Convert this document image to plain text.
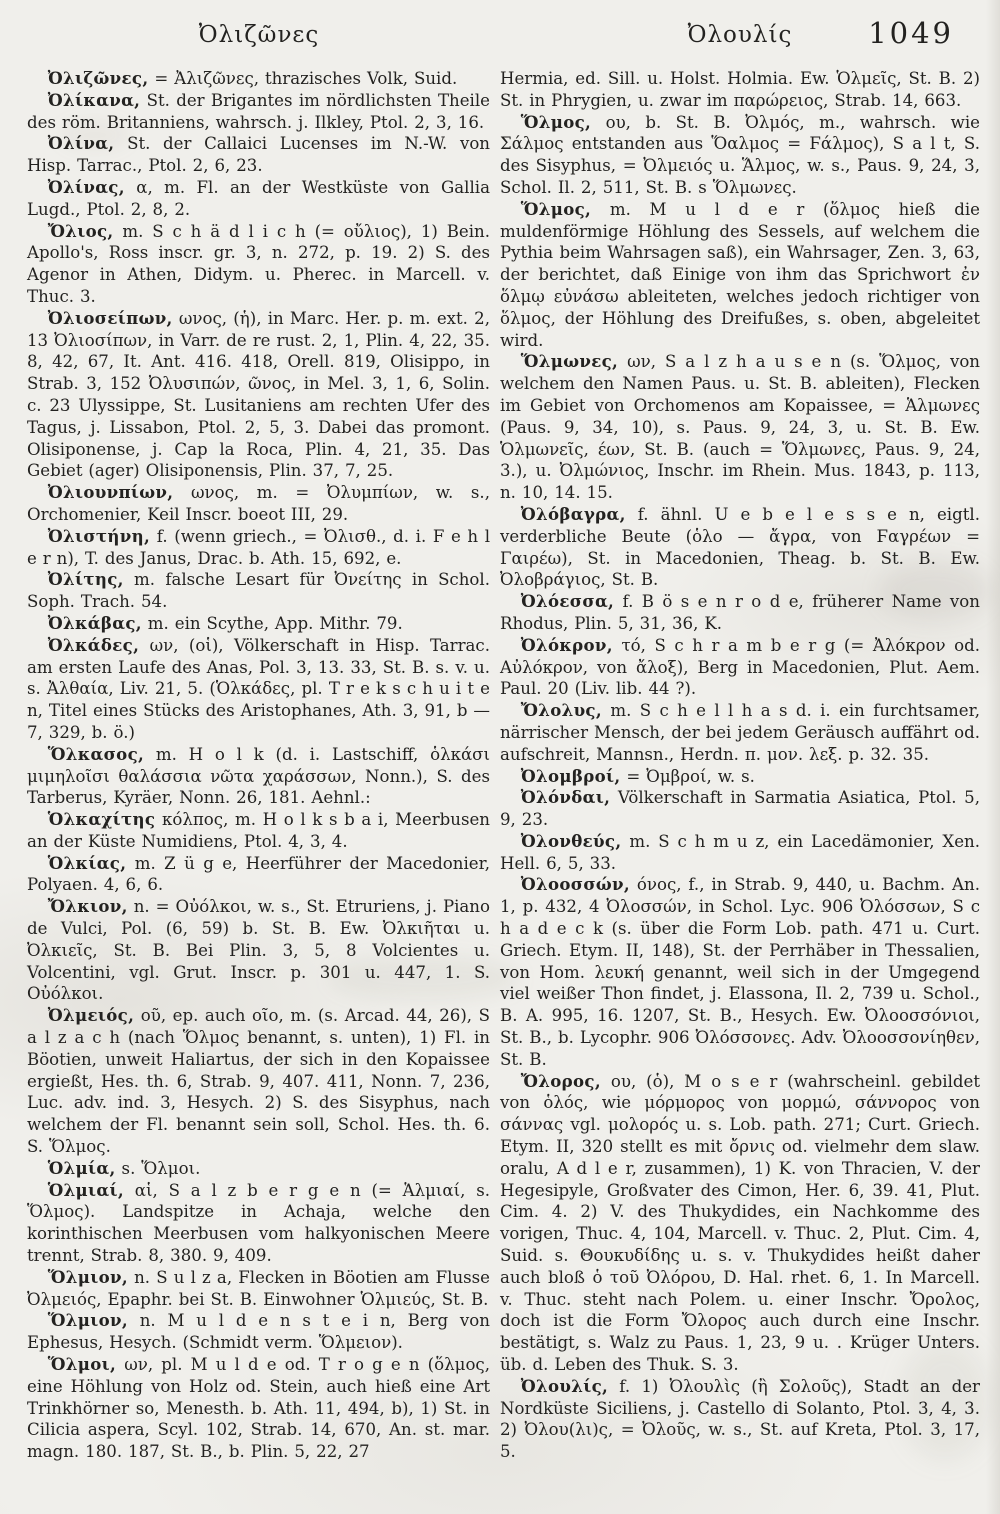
Ὀλιζῶνες	Ὀλουλίς	1049

Ὀλιζῶνες, = Ἀλιζῶνες, thrazisches Volk, Suid.

Ὀλίκανα, St. der Brigantes im nördlichsten Theile des röm. Britanniens, wahrsch. j. Ilkley, Ptol. 2, 3, 16.

Ὀλίνα, St. der Callaici Lucenses im N.-W. von Hisp. Tarrac., Ptol. 2, 6, 23.

Ὀλίνας, α, m. Fl. an der Westküste von Gallia Lugd., Ptol. 2, 8, 2.

Ὄλιος, m. S c h ä d l i c h (= οὔλιος), 1) Bein. Apollo's, Ross inscr. gr. 3, n. 272, p. 19. 2) S. des Agenor in Athen, Didym. u. Pherec. in Marcell. v. Thuc. 3.

Ὀλιοσείπων, ωνος, (ἡ), in Marc. Her. p. m. ext. 2, 13 Ὀλιοσίπων, in Varr. de re rust. 2, 1, Plin. 4, 22, 35. 8, 42, 67, It. Ant. 416. 418, Orell. 819, Olisippo, in Strab. 3, 152 Ὀλυσιπών, ῶνος, in Mel. 3, 1, 6, Solin. c. 23 Ulyssippe, St. Lusitaniens am rechten Ufer des Tagus, j. Lissabon, Ptol. 2, 5, 3. Dabei das promont. Olisiponense, j. Cap la Roca, Plin. 4, 21, 35. Das Gebiet (ager) Olisiponensis, Plin. 37, 7, 25.

Ὀλιουνπίων, ωνος, m. = Ὀλυμπίων, w. s., Orchomenier, Keil Inscr. boeot III, 29.

Ὀλιστήνη, f. (wenn griech., = Ὀλισθ., d. i. F e h l e r n), T. des Janus, Drac. b. Ath. 15, 692, e.

Ὀλίτης, m. falsche Lesart für Ὀνείτης in Schol. Soph. Trach. 54.

Ὀλκάβας, m. ein Scythe, App. Mithr. 79.

Ὀλκάδες, ων, (οἱ), Völkerschaft in Hisp. Tarrac. am ersten Laufe des Anas, Pol. 3, 13. 33, St. B. s. v. u. s. Ἀλθαία, Liv. 21, 5. (Ὁλκάδες, pl. T r e k s c h u i t e n, Titel eines Stücks des Aristophanes, Ath. 3, 91, b — 7, 329, b. ö.)

Ὅλκασος, m. H o l k (d. i. Lastschiff, ὁλκάσι μιμηλοῖσι θαλάσσια νῶτα χαράσσων, Nonn.), S. des Tarberus, Kyräer, Nonn. 26, 181. Aehnl.:

Ὁλκαχίτης κόλπος, m. H o l k s b a i, Meerbusen an der Küste Numidiens, Ptol. 4, 3, 4.

Ὁλκίας, m. Z ü g e, Heerführer der Macedonier, Polyaen. 4, 6, 6.

Ὄλκιον, n. = Οὐόλκοι, w. s., St. Etruriens, j. Piano de Vulci, Pol. (6, 59) b. St. B. Ew. Ὀλκιῆται u. Ὀλκιεῖς, St. B. Bei Plin. 3, 5, 8 Volcientes u. Volcentini, vgl. Grut. Inscr. p. 301 u. 447, 1. S. Οὐόλκοι.

Ὀλμειός, οῦ, ep. auch οῖο, m. (s. Arcad. 44, 26), S a l z a c h (nach Ὅλμος benannt, s. unten), 1) Fl. in Böotien, unweit Haliartus, der sich in den Kopaissee ergießt, Hes. th. 6, Strab. 9, 407. 411, Nonn. 7, 236, Luc. adv. ind. 3, Hesych. 2) S. des Sisyphus, nach welchem der Fl. benannt sein soll, Schol. Hes. th. 6. S. Ὅλμος.

Ὁλμία, s. Ὅλμοι.

Ὁλμιαί, αἱ, S a l z b e r g e n (= Ἁλμιαί, s. Ὅλμος). Landspitze in Achaja, welche den korinthischen Meerbusen vom halkyonischen Meere trennt, Strab. 8, 380. 9, 409.

Ὅλμιον, n. S u l z a, Flecken in Böotien am Flusse Ὀλμειός, Epaphr. bei St. B. Einwohner Ὁλμιεύς, St. B.

Ὅλμιον, n. M u l d e n s t e i n, Berg von Ephesus, Hesych. (Schmidt verm. Ὅλμειον).

Ὅλμοι, ων, pl. M u l d e od. T r o g e n (ὅλμος, eine Höhlung von Holz od. Stein, auch hieß eine Art Trinkhörner so, Menesth. b. Ath. 11, 494, b), 1) St. in Cilicia aspera, Scyl. 102, Strab. 14, 670, An. st. mar. magn. 180. 187, St. B., b. Plin. 5, 22, 27

Hermia, ed. Sill. u. Holst. Holmia. Ew. Ὁλμεῖς, St. B. 2) St. in Phrygien, u. zwar im παρώρειος, Strab. 14, 663.

Ὅλμος, ου, b. St. B. Ὀλμός, m., wahrsch. wie Σάλμος entstanden aus Ὅαλμος = Ϝάλμος), S a l t, S. des Sisyphus, = Ὀλμειός u. Ἅλμος, w. s., Paus. 9, 24, 3, Schol. Il. 2, 511, St. B. s Ὅλμωνες.

Ὅλμος, m. M u l d e r (ὅλμος hieß die muldenförmige Höhlung des Sessels, auf welchem die Pythia beim Wahrsagen saß), ein Wahrsager, Zen. 3, 63, der berichtet, daß Einige von ihm das Sprichwort ἐν ὅλμῳ εὐνάσω ableiteten, welches jedoch richtiger von ὅλμος, der Höhlung des Dreifußes, s. oben, abgeleitet wird.

Ὅλμωνες, ων, S a l z h a u s e n (s. Ὅλμος, von welchem den Namen Paus. u. St. B. ableiten), Flecken im Gebiet von Orchomenos am Kopaissee, = Ἁλμωνες (Paus. 9, 34, 10), s. Paus. 9, 24, 3, u. St. B. Ew. Ὁλμωνεῖς, έων, St. B. (auch = Ὅλμωνες, Paus. 9, 24, 3.), u. Ὀλμώνιος, Inschr. im Rhein. Mus. 1843, p. 113, n. 10, 14. 15.

Ὀλόβαγρα, f. ähnl. U e b e l e s s e n, eigtl. verderbliche Beute (ὁλο — ἄγρα, von Ϝαγρέων = Γαιρέω), St. in Macedonien, Theag. b. St. B. Ew. Ὀλοβράγιος, St. B.

Ὀλόεσσα, f. B ö s e n r o d e, früherer Name von Rhodus, Plin. 5, 31, 36, K.

Ὀλόκρον, τό, S c h r a m b e r g (= Ἀλόκρον od. Αὐλόκρον, von ἄλοξ), Berg in Macedonien, Plut. Aem. Paul. 20 (Liv. lib. 44 ?).

Ὄλολυς, m. S c h e l l h a s d. i. ein furchtsamer, närrischer Mensch, der bei jedem Geräusch auffährt od. aufschreit, Mannsn., Herdn. π. μον. λεξ. p. 32. 35.

Ὀλομβροί, = Ὀμβροί, w. s.

Ὀλόνδαι, Völkerschaft in Sarmatia Asiatica, Ptol. 5, 9, 23.

Ὀλονθεύς, m. S c h m u z, ein Lacedämonier, Xen. Hell. 6, 5, 33.

Ὀλοοσσών, όνος, f., in Strab. 9, 440, u. Bachm. An. 1, p. 432, 4 Ὀλοσσών, in Schol. Lyc. 906 Ὀλόσσων, S c h a d e c k (s. über die Form Lob. path. 471 u. Curt. Griech. Etym. II, 148), St. der Perrhäber in Thessalien, von Hom. λευκή genannt, weil sich in der Umgegend viel weißer Thon findet, j. Elassona, Il. 2, 739 u. Schol., B. A. 995, 16. 1207, St. B., Hesych. Ew. Ὀλοοσσόνιοι, St. B., b. Lycophr. 906 Ὀλόσσονες. Adv. Ὀλοοσσονίηθεν, St. B.

Ὄλορος, ου, (ὁ), M o s e r (wahrscheinl. gebildet von ὁλός, wie μόρμορος von μορμώ, σάννορος von σάννας vgl. μολορός u. s. Lob. path. 271; Curt. Griech. Etym. II, 320 stellt es mit ὄρνις od. vielmehr dem slaw. oralu, A d l e r, zusammen), 1) K. von Thracien, V. der Hegesipyle, Großvater des Cimon, Her. 6, 39. 41, Plut. Cim. 4. 2) V. des Thukydides, ein Nachkomme des vorigen, Thuc. 4, 104, Marcell. v. Thuc. 2, Plut. Cim. 4, Suid. s. Θουκυδίδης u. s. v. Thukydides heißt daher auch bloß ὁ τοῦ Ὀλόρου, D. Hal. rhet. 6, 1. In Marcell. v. Thuc. steht nach Polem. u. einer Inschr. Ὄρολος, doch ist die Form Ὄλορος auch durch eine Inschr. bestätigt, s. Walz zu Paus. 1, 23, 9 u. . Krüger Unters. üb. d. Leben des Thuk. S. 3.

Ὀλουλίς, f. 1) Ὀλουλὶς (ἢ Σολοῦς), Stadt an der Nordküste Siciliens, j. Castello di Solanto, Ptol. 3, 4, 3. 2) Ὀλου(λι)ς, = Ὀλοῦς, w. s., St. auf Kreta, Ptol. 3, 17, 5.
